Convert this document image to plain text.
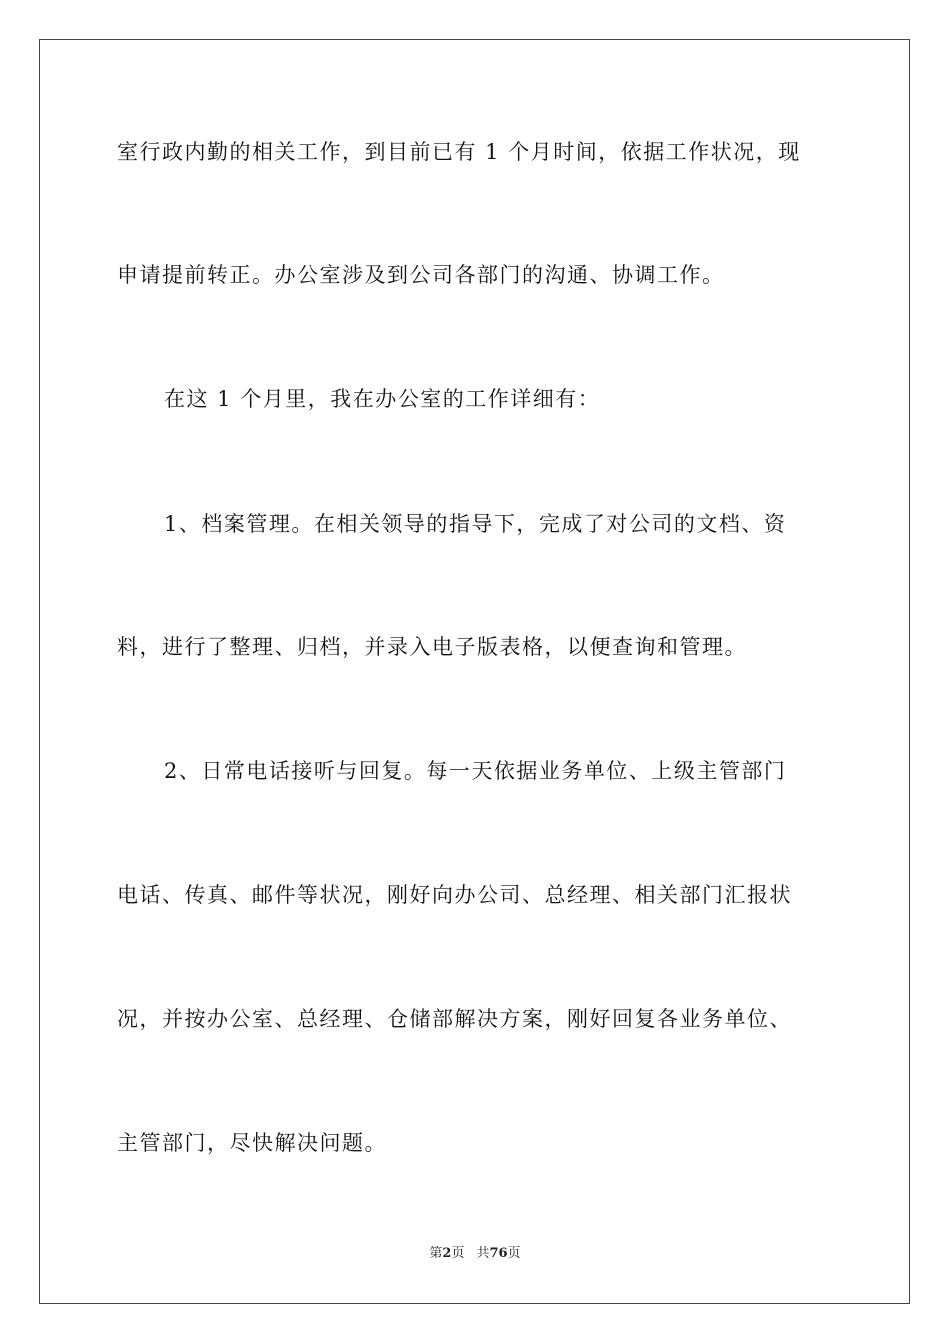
室行政内勤的相关工作，到目前已有 1 个月时间，依据工作状况，现
申请提前转正。办公室涉及到公司各部门的沟通、协调工作。
在这 1 个月里，我在办公室的工作详细有：
1、档案管理。在相关领导的指导下，完成了对公司的文档、资
料，进行了整理、归档，并录入电子版表格，以便查询和管理。
2、日常电话接听与回复。每一天依据业务单位、上级主管部门
电话、传真、邮件等状况，刚好向办公司、总经理、相关部门汇报状
况，并按办公室、总经理、仓储部解决方案，刚好回复各业务单位、
主管部门，尽快解决问题。
第2页 共76页
